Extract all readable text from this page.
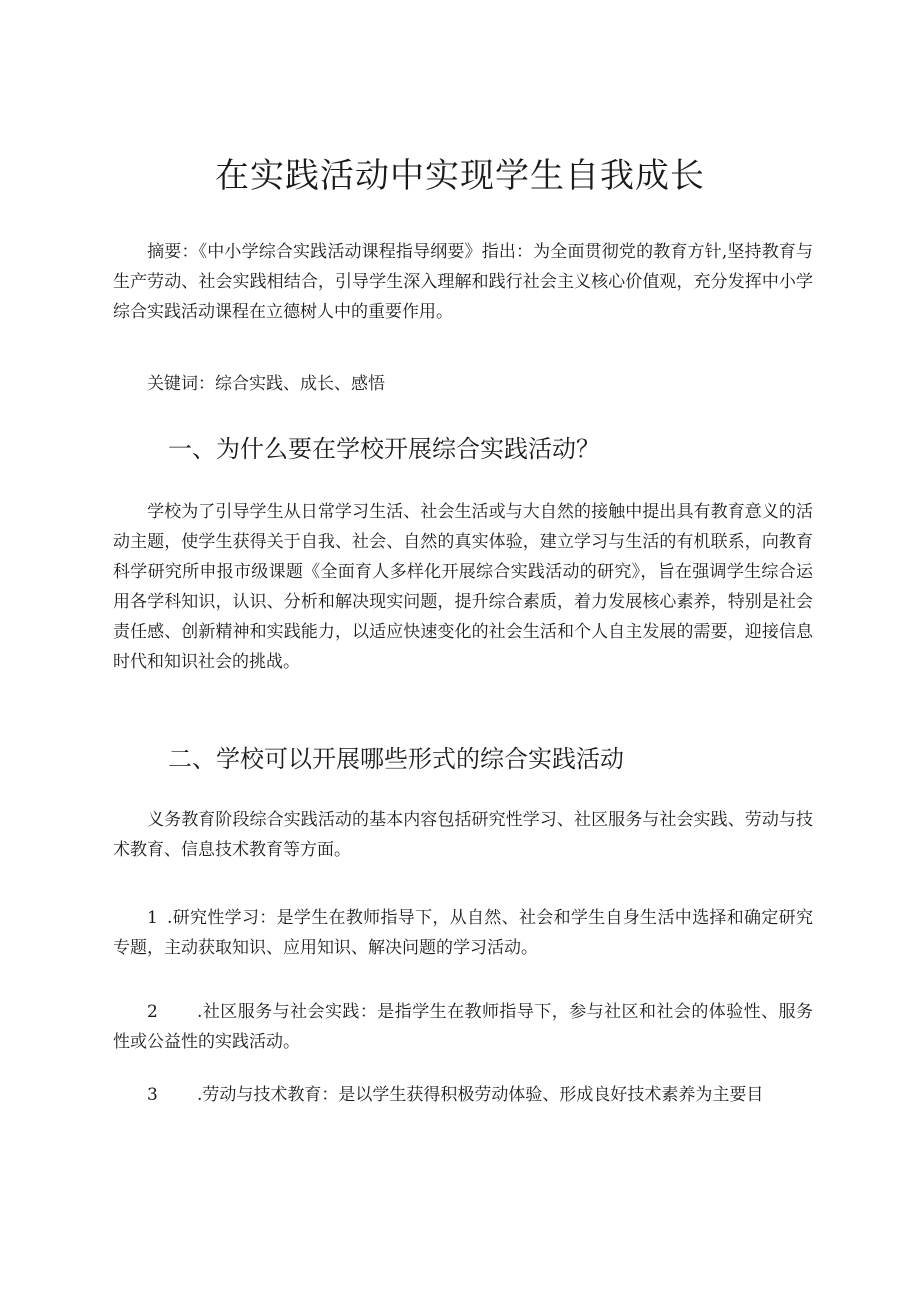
在实践活动中实现学生自我成长
摘要：《中小学综合实践活动课程指导纲要》指出：为全面贯彻党的教育方针,坚持教育与生产劳动、社会实践相结合，引导学生深入理解和践行社会主义核心价值观，充分发挥中小学综合实践活动课程在立德树人中的重要作用。
关键词：综合实践、成长、感悟
一、为什么要在学校开展综合实践活动？
学校为了引导学生从日常学习生活、社会生活或与大自然的接触中提出具有教育意义的活动主题，使学生获得关于自我、社会、自然的真实体验，建立学习与生活的有机联系，向教育科学研究所申报市级课题《全面育人多样化开展综合实践活动的研究》，旨在强调学生综合运用各学科知识，认识、分析和解决现实问题，提升综合素质，着力发展核心素养，特别是社会责任感、创新精神和实践能力，以适应快速变化的社会生活和个人自主发展的需要，迎接信息时代和知识社会的挑战。
二、学校可以开展哪些形式的综合实践活动
义务教育阶段综合实践活动的基本内容包括研究性学习、社区服务与社会实践、劳动与技术教育、信息技术教育等方面。
1 .研究性学习：是学生在教师指导下，从自然、社会和学生自身生活中选择和确定研究专题，主动获取知识、应用知识、解决问题的学习活动。
2 .社区服务与社会实践：是指学生在教师指导下，参与社区和社会的体验性、服务性或公益性的实践活动。
3 .劳动与技术教育：是以学生获得积极劳动体验、形成良好技术素养为主要目
